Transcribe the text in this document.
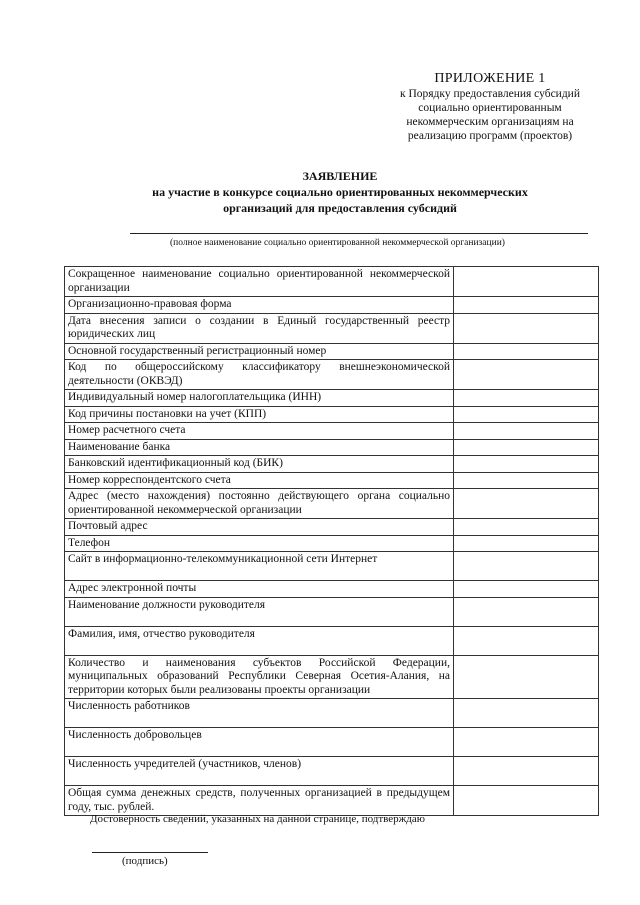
ПРИЛОЖЕНИЕ 1
к Порядку предоставления субсидий
социально ориентированным
некоммерческим организациям на
реализацию программ (проектов)
ЗАЯВЛЕНИЕ
на участие в конкурсе социально ориентированных некоммерческих
организаций для предоставления субсидий
(полное наименование социально ориентированной некоммерческой организации)
Сокращенное наименование социально ориентированной некоммерческой организации	
Организационно-правовая форма	
Дата внесения записи о создании в Единый государственный реестр юридических лиц	
Основной государственный регистрационный номер	
Код по общероссийскому классификатору внешнеэкономической деятельности (ОКВЭД)	
Индивидуальный номер налогоплательщика (ИНН)	
Код причины постановки на учет (КПП)	
Номер расчетного счета	
Наименование банка	
Банковский идентификационный код (БИК)	
Номер корреспондентского счета	
Адрес (место нахождения) постоянно действующего органа социально ориентированной некоммерческой организации	
Почтовый адрес	
Телефон	
Сайт в информационно-телекоммуникационной сети Интернет	
Адрес электронной почты	
Наименование должности руководителя	
Фамилия, имя, отчество руководителя	
Количество и наименования субъектов Российской Федерации, муниципальных образований Республики Северная Осетия-Алания, на территории которых были реализованы проекты организации	
Численность работников	
Численность добровольцев	
Численность учредителей (участников, членов)	
Общая сумма денежных средств, полученных организацией в предыдущем году, тыс. рублей.	
Достоверность сведений, указанных на данной странице, подтверждаю
(подпись)
